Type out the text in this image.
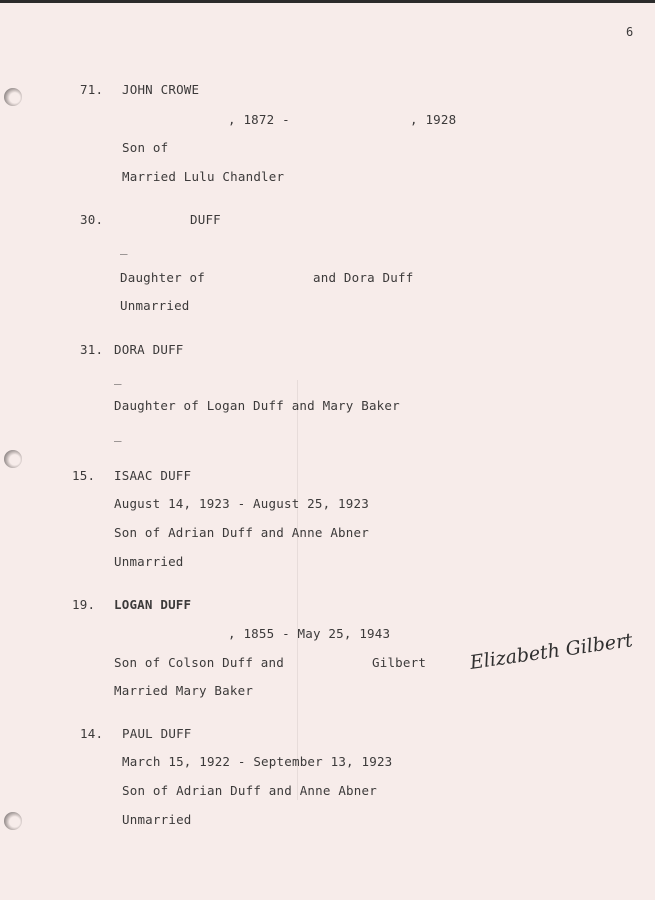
6
71. JOHN CROWE
, 1872 -	, 1928
Son of
Married Lulu Chandler
30.	DUFF
_
Daughter of	and Dora Duff
Unmarried
31. DORA DUFF
_
Daughter of Logan Duff and Mary Baker
_
15. ISAAC DUFF
August 14, 1923 - August 25, 1923
Son of Adrian Duff and Anne Abner
Unmarried
19. LOGAN DUFF
, 1855 - May 25, 1943
Son of Colson Duff and	Gilbert
Married Mary Baker
Elizabeth Gilbert
14. PAUL DUFF
March 15, 1922 - September 13, 1923
Son of Adrian Duff and Anne Abner
Unmarried
